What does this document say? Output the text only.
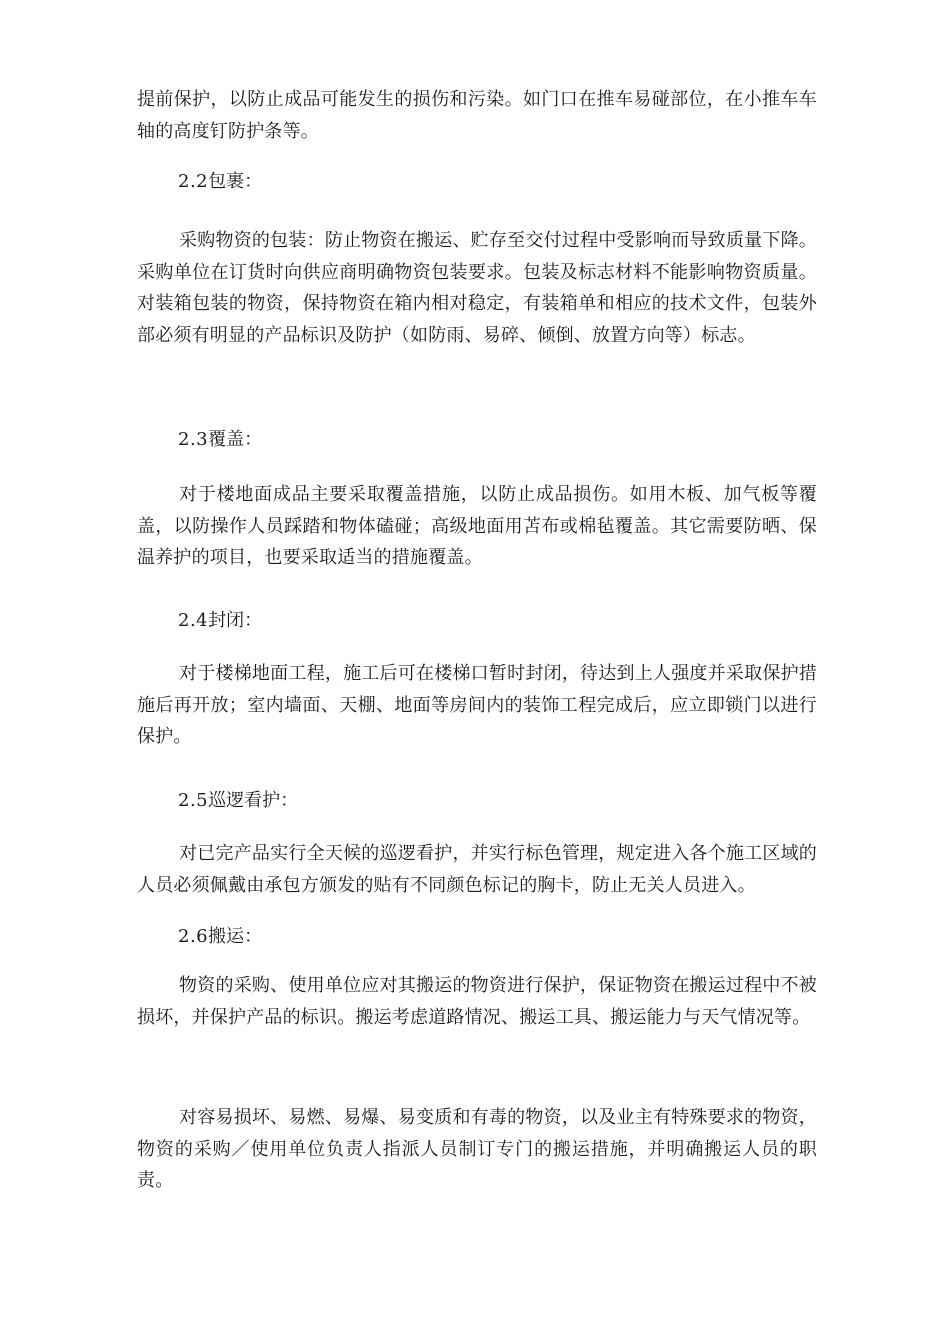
提前保护，以防止成品可能发生的损伤和污染。如门口在推车易碰部位，在小推车车轴的高度钉防护条等。

2.2包裹：

采购物资的包装：防止物资在搬运、贮存至交付过程中受影响而导致质量下降。采购单位在订货时向供应商明确物资包装要求。包装及标志材料不能影响物资质量。对装箱包装的物资，保持物资在箱内相对稳定，有装箱单和相应的技术文件，包装外部必须有明显的产品标识及防护（如防雨、易碎、倾倒、放置方向等）标志。

2.3覆盖：

对于楼地面成品主要采取覆盖措施，以防止成品损伤。如用木板、加气板等覆盖，以防操作人员踩踏和物体磕碰；高级地面用苫布或棉毡覆盖。其它需要防晒、保温养护的项目，也要采取适当的措施覆盖。

2.4封闭：

对于楼梯地面工程，施工后可在楼梯口暂时封闭，待达到上人强度并采取保护措施后再开放；室内墙面、天棚、地面等房间内的装饰工程完成后，应立即锁门以进行保护。

2.5巡逻看护：

对已完产品实行全天候的巡逻看护，并实行标色管理，规定进入各个施工区域的人员必须佩戴由承包方颁发的贴有不同颜色标记的胸卡，防止无关人员进入。

2.6搬运：

物资的采购、使用单位应对其搬运的物资进行保护，保证物资在搬运过程中不被损坏，并保护产品的标识。搬运考虑道路情况、搬运工具、搬运能力与天气情况等。

对容易损坏、易燃、易爆、易变质和有毒的物资，以及业主有特殊要求的物资，物资的采购／使用单位负责人指派人员制订专门的搬运措施，并明确搬运人员的职责。
